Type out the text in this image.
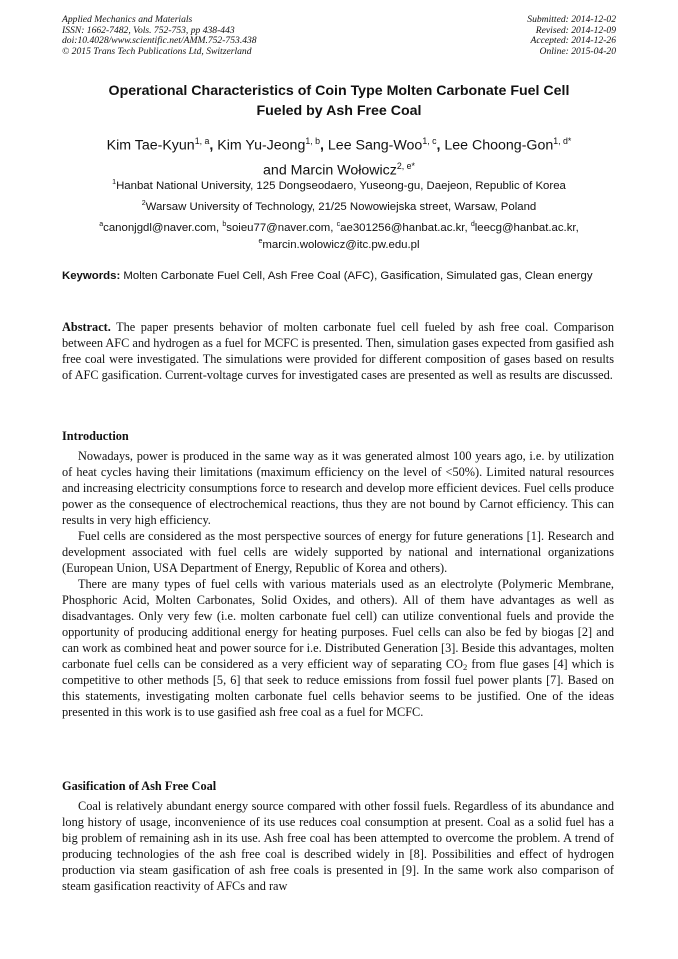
Applied Mechanics and Materials
ISSN: 1662-7482, Vols. 752-753, pp 438-443
doi:10.4028/www.scientific.net/AMM.752-753.438
© 2015 Trans Tech Publications Ltd, Switzerland
Submitted: 2014-12-02
Revised: 2014-12-09
Accepted: 2014-12-26
Online: 2015-04-20
Operational Characteristics of Coin Type Molten Carbonate Fuel Cell
Fueled by Ash Free Coal
Kim Tae-Kyun$^{1, a}$, Kim Yu-Jeong$^{1, b}$, Lee Sang-Woo$^{1, c}$, Lee Choong-Gon$^{1, d*}$
and Marcin Wołowicz$^{2, e*}$
$^1$Hanbat National University, 125 Dongseodaero, Yuseong-gu, Daejeon, Republic of Korea
$^2$Warsaw University of Technology, 21/25 Nowowiejska street, Warsaw, Poland
$^a$canonjgdl@naver.com, $^b$soieu77@naver.com, $^c$ae301256@hanbat.ac.kr, $^d$leecg@hanbat.ac.kr,
$^e$marcin.wolowicz@itc.pw.edu.pl
Keywords: Molten Carbonate Fuel Cell, Ash Free Coal (AFC), Gasification, Simulated gas, Clean energy

Abstract. The paper presents behavior of molten carbonate fuel cell fueled by ash free coal. Comparison between AFC and hydrogen as a fuel for MCFC is presented. Then, simulation gases expected from gasified ash free coal were investigated. The simulations were provided for different composition of gases based on results of AFC gasification. Current-voltage curves for investigated cases are presented as well as results are discussed.

Introduction

Nowadays, power is produced in the same way as it was generated almost 100 years ago, i.e. by utilization of heat cycles having their limitations (maximum efficiency on the level of <50%). Limited natural resources and increasing electricity consumptions force to research and develop more efficient devices. Fuel cells produce power as the consequence of electrochemical reactions, thus they are not bound by Carnot efficiency. This can results in very high efficiency.

Fuel cells are considered as the most perspective sources of energy for future generations [1]. Research and development associated with fuel cells are widely supported by national and international organizations (European Union, USA Department of Energy, Republic of Korea and others).

There are many types of fuel cells with various materials used as an electrolyte (Polymeric Membrane, Phosphoric Acid, Molten Carbonates, Solid Oxides, and others). All of them have advantages as well as disadvantages. Only very few (i.e. molten carbonate fuel cell) can utilize conventional fuels and provide the opportunity of producing additional energy for heating purposes. Fuel cells can also be fed by biogas [2] and can work as combined heat and power source for i.e. Distributed Generation [3]. Beside this advantages, molten carbonate fuel cells can be considered as a very efficient way of separating $CO_2$ from flue gases [4] which is competitive to other methods [5, 6] that seek to reduce emissions from fossil fuel power plants [7]. Based on this statements, investigating molten carbonate fuel cells behavior seems to be justified. One of the ideas presented in this work is to use gasified ash free coal as a fuel for MCFC.

Gasification of Ash Free Coal

Coal is relatively abundant energy source compared with other fossil fuels. Regardless of its abundance and long history of usage, inconvenience of its use reduces coal consumption at present. Coal as a solid fuel has a big problem of remaining ash in its use. Ash free coal has been attempted to overcome the problem. A trend of producing technologies of the ash free coal is described widely in [8]. Possibilities and effect of hydrogen production via steam gasification of ash free coals is presented in [9]. In the same work also comparison of steam gasification reactivity of AFCs and raw
